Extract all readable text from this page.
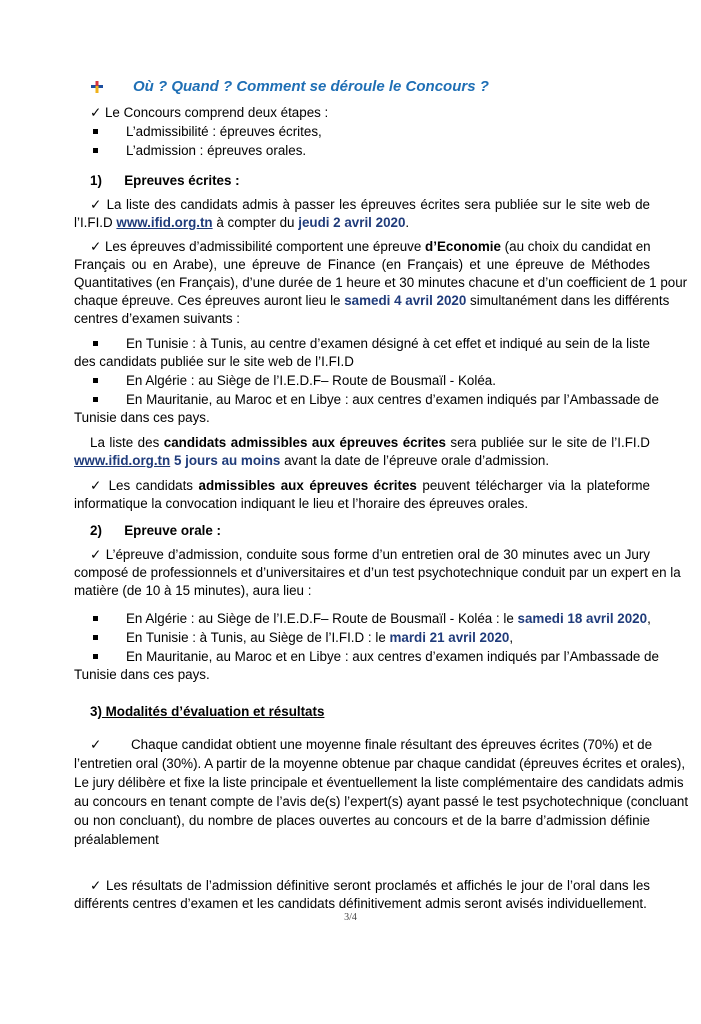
Où ? Quand ? Comment se déroule le Concours ?
✓ Le Concours comprend deux étapes :
L’admissibilité : épreuves écrites,
L’admission : épreuves orales.
1) Epreuves écrites :
✓ La liste des candidats admis à passer les épreuves écrites sera publiée sur le site web de
l’I.FI.D www.ifid.org.tn à compter du jeudi 2 avril 2020.
✓ Les épreuves d’admissibilité comportent une épreuve d’Economie (au choix du candidat en
Français ou en Arabe), une épreuve de Finance (en Français) et une épreuve de Méthodes
Quantitatives (en Français), d’une durée de 1 heure et 30 minutes chacune et d’un coefficient de 1 pour
chaque épreuve. Ces épreuves auront lieu le samedi 4 avril 2020 simultanément dans les différents
centres d’examen suivants :
En Tunisie : à Tunis, au centre d’examen désigné à cet effet et indiqué au sein de la liste
des candidats publiée sur le site web de l’I.FI.D
En Algérie : au Siège de l’I.E.D.F– Route de Bousmaïl - Koléa.
En Mauritanie, au Maroc et en Libye : aux centres d’examen indiqués par l’Ambassade de
Tunisie dans ces pays.
La liste des candidats admissibles aux épreuves écrites sera publiée sur le site de l’I.FI.D
www.ifid.org.tn 5 jours au moins avant la date de l’épreuve orale d’admission.
✓ Les candidats admissibles aux épreuves écrites peuvent télécharger via la plateforme
informatique la convocation indiquant le lieu et l’horaire des épreuves orales.
2) Epreuve orale :
✓ L’épreuve d’admission, conduite sous forme d’un entretien oral de 30 minutes avec un Jury
composé de professionnels et d’universitaires et d’un test psychotechnique conduit par un expert en la
matière (de 10 à 15 minutes), aura lieu :
En Algérie : au Siège de l’I.E.D.F– Route de Bousmaïl - Koléa : le samedi 18 avril 2020,
En Tunisie : à Tunis, au Siège de l’I.FI.D : le mardi 21 avril 2020,
En Mauritanie, au Maroc et en Libye : aux centres d’examen indiqués par l’Ambassade de
Tunisie dans ces pays.
3) Modalités d’évaluation et résultats
✓ Chaque candidat obtient une moyenne finale résultant des épreuves écrites (70%) et de
l’entretien oral (30%). A partir de la moyenne obtenue par chaque candidat (épreuves écrites et orales),
Le jury délibère et fixe la liste principale et éventuellement la liste complémentaire des candidats admis
au concours en tenant compte de l’avis de(s) l’expert(s) ayant passé le test psychotechnique (concluant
ou non concluant), du nombre de places ouvertes au concours et de la barre d’admission définie
préalablement
✓ Les résultats de l’admission définitive seront proclamés et affichés le jour de l’oral dans les
différents centres d’examen et les candidats définitivement admis seront avisés individuellement.
3/4
